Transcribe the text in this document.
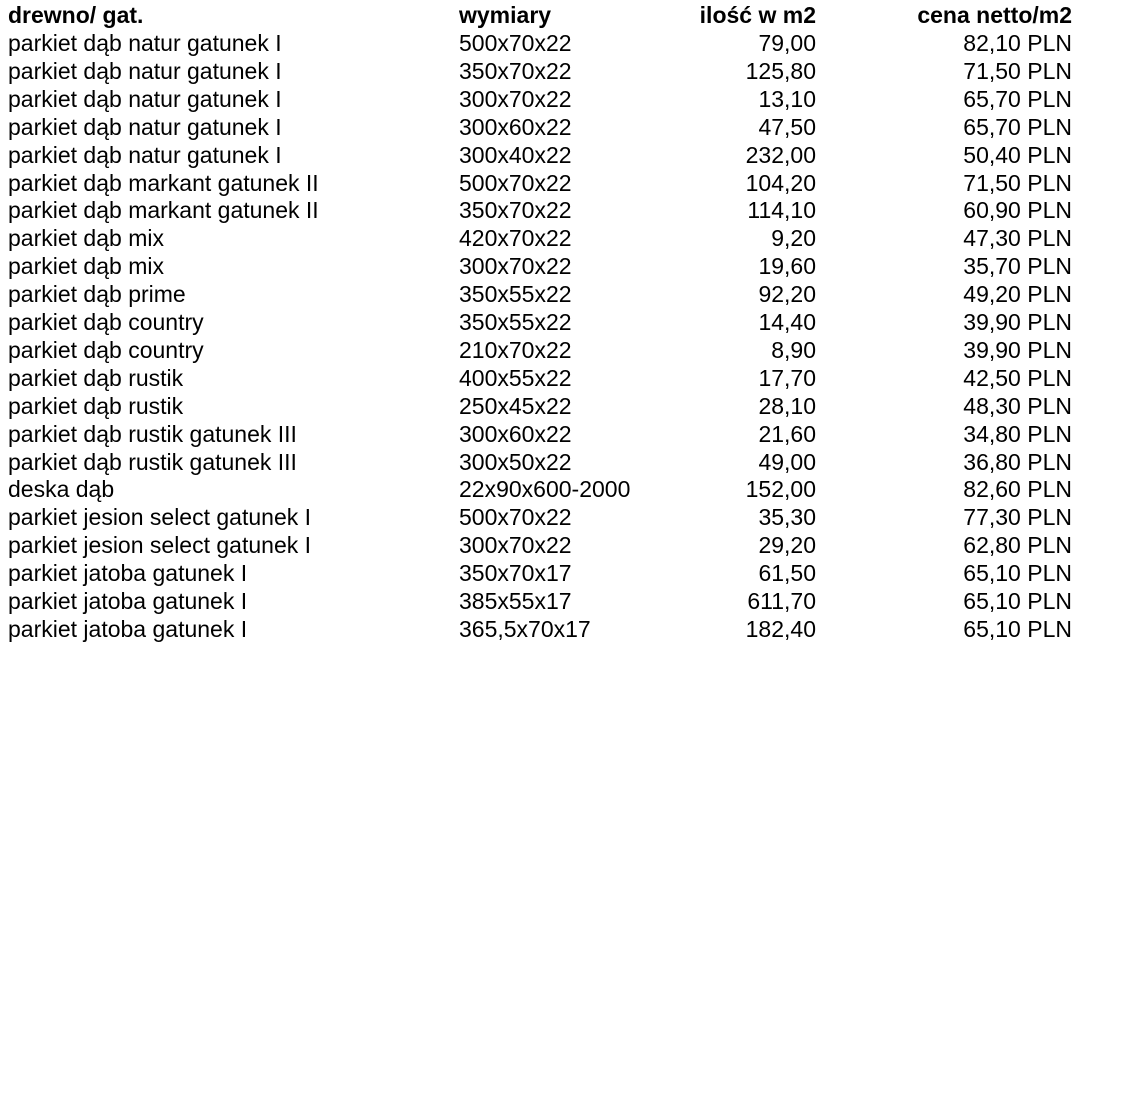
drewno/ gat.	wymiary	ilość w m2	cena netto/m2
parkiet dąb natur gatunek I	500x70x22	79,00	82,10 PLN
parkiet dąb natur gatunek I	350x70x22	125,80	71,50 PLN
parkiet dąb natur gatunek I	300x70x22	13,10	65,70 PLN
parkiet dąb natur gatunek I	300x60x22	47,50	65,70 PLN
parkiet dąb natur gatunek I	300x40x22	232,00	50,40 PLN
parkiet dąb markant gatunek II	500x70x22	104,20	71,50 PLN
parkiet dąb markant gatunek II	350x70x22	114,10	60,90 PLN
parkiet dąb mix	420x70x22	9,20	47,30 PLN
parkiet dąb mix	300x70x22	19,60	35,70 PLN
parkiet dąb prime	350x55x22	92,20	49,20 PLN
parkiet dąb country	350x55x22	14,40	39,90 PLN
parkiet dąb country	210x70x22	8,90	39,90 PLN
parkiet dąb rustik	400x55x22	17,70	42,50 PLN
parkiet dąb rustik	250x45x22	28,10	48,30 PLN
parkiet dąb rustik gatunek III	300x60x22	21,60	34,80 PLN
parkiet dąb rustik gatunek III	300x50x22	49,00	36,80 PLN
deska dąb	22x90x600-2000	152,00	82,60 PLN
parkiet jesion select gatunek I	500x70x22	35,30	77,30 PLN
parkiet jesion select gatunek I	300x70x22	29,20	62,80 PLN
parkiet jatoba gatunek I	350x70x17	61,50	65,10 PLN
parkiet jatoba gatunek I	385x55x17	611,70	65,10 PLN
parkiet jatoba gatunek I	365,5x70x17	182,40	65,10 PLN
